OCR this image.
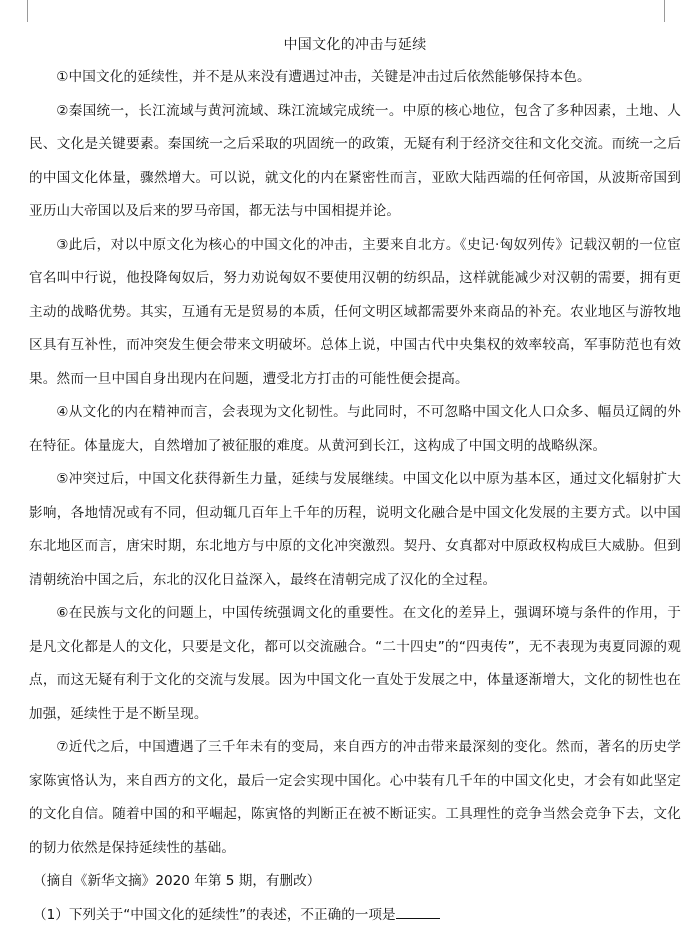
中国文化的冲击与延续

①中国文化的延续性，并不是从来没有遭遇过冲击，关键是冲击过后依然能够保持本色。

②秦国统一，长江流域与黄河流域、珠江流域完成统一。中原的核心地位，包含了多种因素，土地、人民、文化是关键要素。秦国统一之后采取的巩固统一的政策，无疑有利于经济交往和文化交流。而统一之后的中国文化体量，骤然增大。可以说，就文化的内在紧密性而言，亚欧大陆西端的任何帝国，从波斯帝国到亚历山大帝国以及后来的罗马帝国，都无法与中国相提并论。

③此后，对以中原文化为核心的中国文化的冲击，主要来自北方。《史记·匈奴列传》记载汉朝的一位宦官名叫中行说，他投降匈奴后，努力劝说匈奴不要使用汉朝的纺织品，这样就能减少对汉朝的需要，拥有更主动的战略优势。其实，互通有无是贸易的本质，任何文明区域都需要外来商品的补充。农业地区与游牧地区具有互补性，而冲突发生便会带来文明破坏。总体上说，中国古代中央集权的效率较高，军事防范也有效果。然而一旦中国自身出现内在问题，遭受北方打击的可能性便会提高。

④从文化的内在精神而言，会表现为文化韧性。与此同时，不可忽略中国文化人口众多、幅员辽阔的外在特征。体量庞大，自然增加了被征服的难度。从黄河到长江，这构成了中国文明的战略纵深。

⑤冲突过后，中国文化获得新生力量，延续与发展继续。中国文化以中原为基本区，通过文化辐射扩大影响，各地情况或有不同，但动辄几百年上千年的历程，说明文化融合是中国文化发展的主要方式。以中国东北地区而言，唐宋时期，东北地方与中原的文化冲突激烈。契丹、女真都对中原政权构成巨大威胁。但到清朝统治中国之后，东北的汉化日益深入，最终在清朝完成了汉化的全过程。

⑥在民族与文化的问题上，中国传统强调文化的重要性。在文化的差异上，强调环境与条件的作用，于是凡文化都是人的文化，只要是文化，都可以交流融合。“二十四史”的“四夷传”，无不表现为夷夏同源的观点，而这无疑有利于文化的交流与发展。因为中国文化一直处于发展之中，体量逐渐增大，文化的韧性也在加强，延续性于是不断呈现。

⑦近代之后，中国遭遇了三千年未有的变局，来自西方的冲击带来最深刻的变化。然而，著名的历史学家陈寅恪认为，来自西方的文化，最后一定会实现中国化。心中装有几千年的中国文化史，才会有如此坚定的文化自信。随着中国的和平崛起，陈寅恪的判断正在被不断证实。工具理性的竞争当然会竞争下去，文化的韧力依然是保持延续性的基础。

（摘自《新华文摘》2020 年第 5 期，有删改）

（1）下列关于“中国文化的延续性”的表述，不正确的一项是
